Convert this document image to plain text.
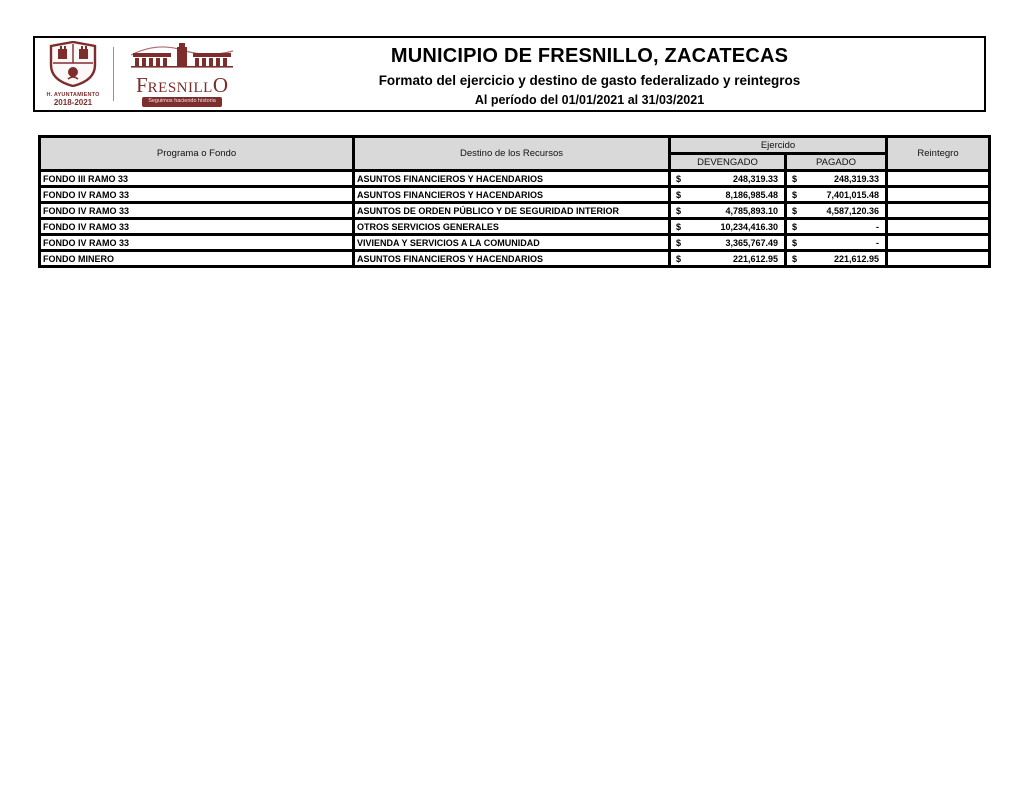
H. AYUNTAMIENTO
2018-2021
FRESNILLO
Seguimos haciendo historia
MUNICIPIO DE FRESNILLO, ZACATECAS
Formato del ejercicio y destino de gasto federalizado y reintegros
Al período del 01/01/2021 al 31/03/2021
Programa o Fondo	Destino de los Recursos	Ejercido		Reintegro
		DEVENGADO	PAGADO	
FONDO III RAMO 33	ASUNTOS FINANCIEROS Y HACENDARIOS	$ 248,319.33	$ 248,319.33	

FONDO IV RAMO 33	ASUNTOS FINANCIEROS Y HACENDARIOS	$ 8,186,985.48	$ 7,401,015.48	

FONDO IV RAMO 33	ASUNTOS DE ORDEN PÚBLICO Y DE SEGURIDAD INTERIOR	$ 4,785,893.10	$ 4,587,120.36	

FONDO IV RAMO 33	OTROS SERVICIOS GENERALES	$ 10,234,416.30	$ -	

FONDO IV RAMO 33	VIVIENDA Y SERVICIOS A LA COMUNIDAD	$ 3,365,767.49	$ -	

FONDO MINERO	ASUNTOS FINANCIEROS Y HACENDARIOS	$ 221,612.95	$ 221,612.95	
